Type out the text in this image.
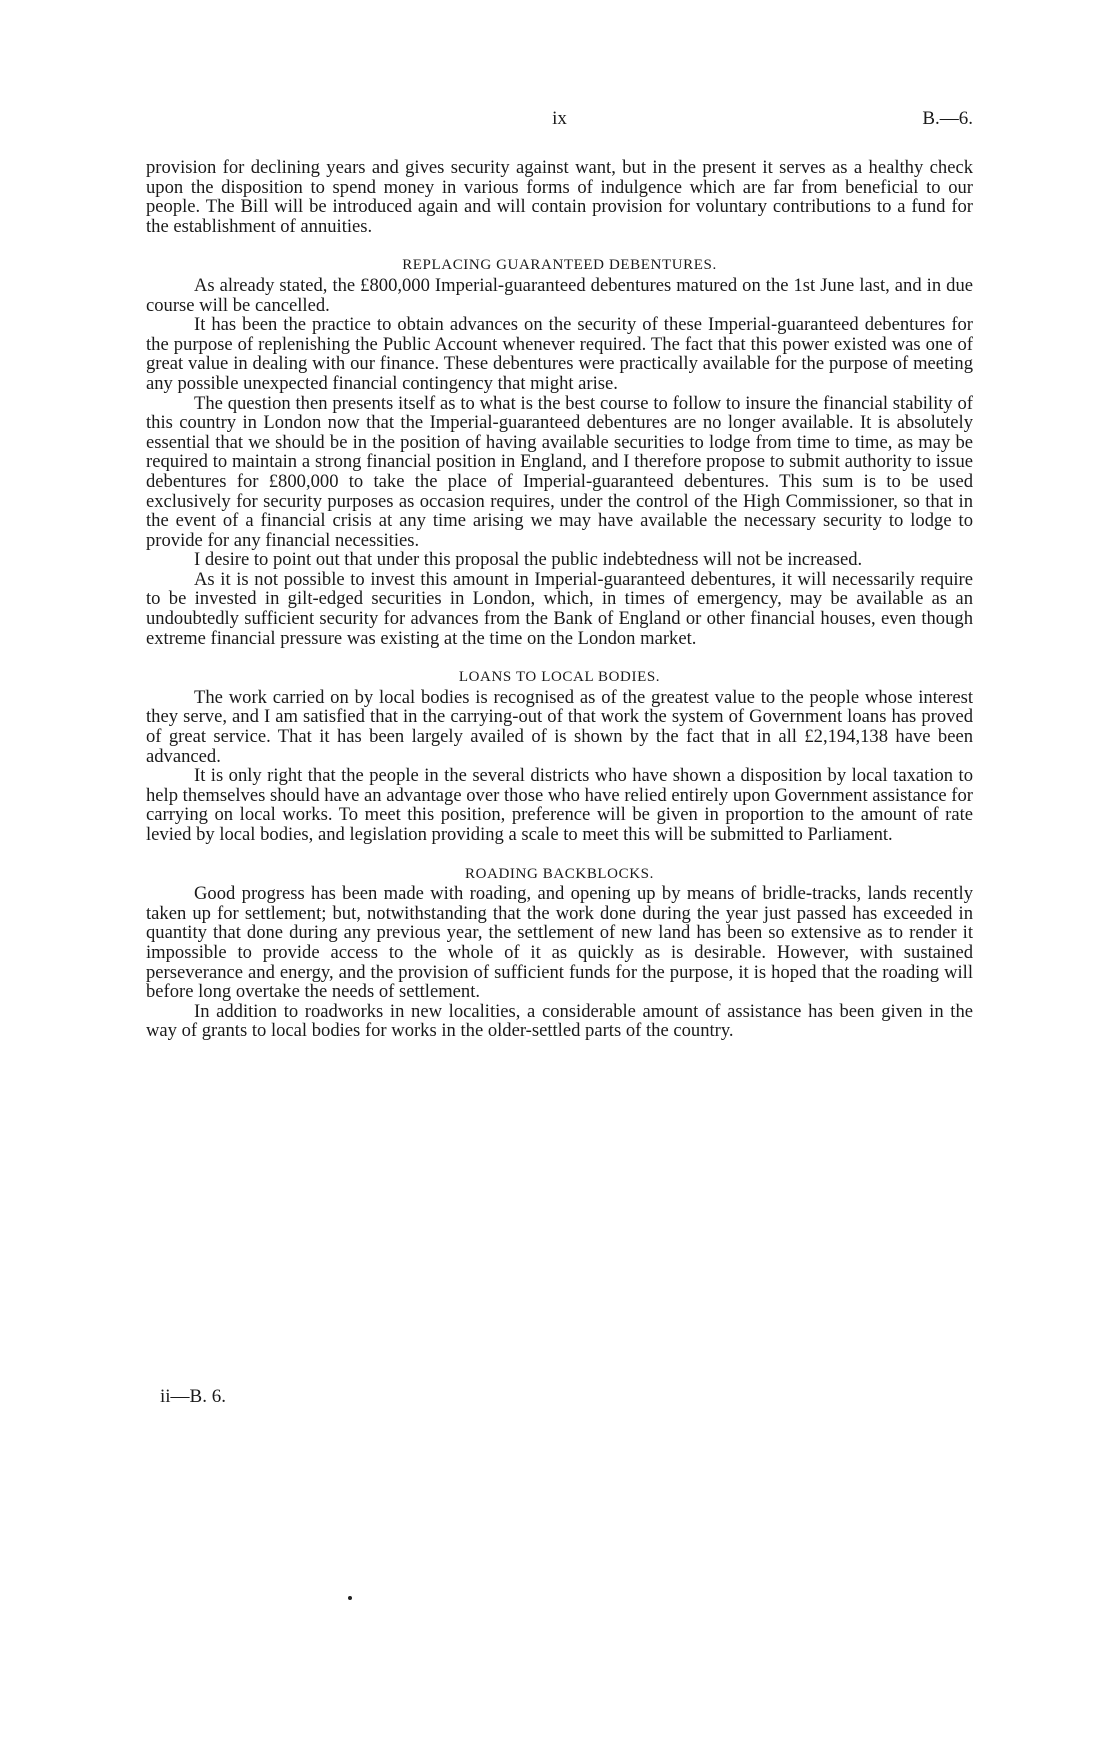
ix	B.—6.

provision for declining years and gives security against want, but in the present it serves as a healthy check upon the disposition to spend money in various forms of indulgence which are far from beneficial to our people. The Bill will be introduced again and will contain provision for voluntary contributions to a fund for the establishment of annuities.

REPLACING GUARANTEED DEBENTURES.

As already stated, the £800,000 Imperial-guaranteed debentures matured on the 1st June last, and in due course will be cancelled.

It has been the practice to obtain advances on the security of these Imperial-guaranteed debentures for the purpose of replenishing the Public Account whenever required. The fact that this power existed was one of great value in dealing with our finance. These debentures were practically available for the purpose of meeting any possible unexpected financial contingency that might arise.

The question then presents itself as to what is the best course to follow to insure the financial stability of this country in London now that the Imperial-guaranteed debentures are no longer available. It is absolutely essential that we should be in the position of having available securities to lodge from time to time, as may be required to maintain a strong financial position in England, and I therefore propose to submit authority to issue debentures for £800,000 to take the place of Imperial-guaranteed debentures. This sum is to be used exclusively for security purposes as occasion requires, under the control of the High Commissioner, so that in the event of a financial crisis at any time arising we may have available the necessary security to lodge to provide for any financial necessities.

I desire to point out that under this proposal the public indebtedness will not be increased.

As it is not possible to invest this amount in Imperial-guaranteed debentures, it will necessarily require to be invested in gilt-edged securities in London, which, in times of emergency, may be available as an undoubtedly sufficient security for advances from the Bank of England or other financial houses, even though extreme financial pressure was existing at the time on the London market.

LOANS TO LOCAL BODIES.

The work carried on by local bodies is recognised as of the greatest value to the people whose interest they serve, and I am satisfied that in the carrying-out of that work the system of Government loans has proved of great service. That it has been largely availed of is shown by the fact that in all £2,194,138 have been advanced.

It is only right that the people in the several districts who have shown a disposition by local taxation to help themselves should have an advantage over those who have relied entirely upon Government assistance for carrying on local works. To meet this position, preference will be given in proportion to the amount of rate levied by local bodies, and legislation providing a scale to meet this will be submitted to Parliament.

ROADING BACKBLOCKS.

Good progress has been made with roading, and opening up by means of bridle-tracks, lands recently taken up for settlement; but, notwithstanding that the work done during the year just passed has exceeded in quantity that done during any previous year, the settlement of new land has been so extensive as to render it impossible to provide access to the whole of it as quickly as is desirable. However, with sustained perseverance and energy, and the provision of sufficient funds for the purpose, it is hoped that the roading will before long overtake the needs of settlement.

In addition to roadworks in new localities, a considerable amount of assistance has been given in the way of grants to local bodies for works in the older-settled parts of the country.

ii—B. 6.
